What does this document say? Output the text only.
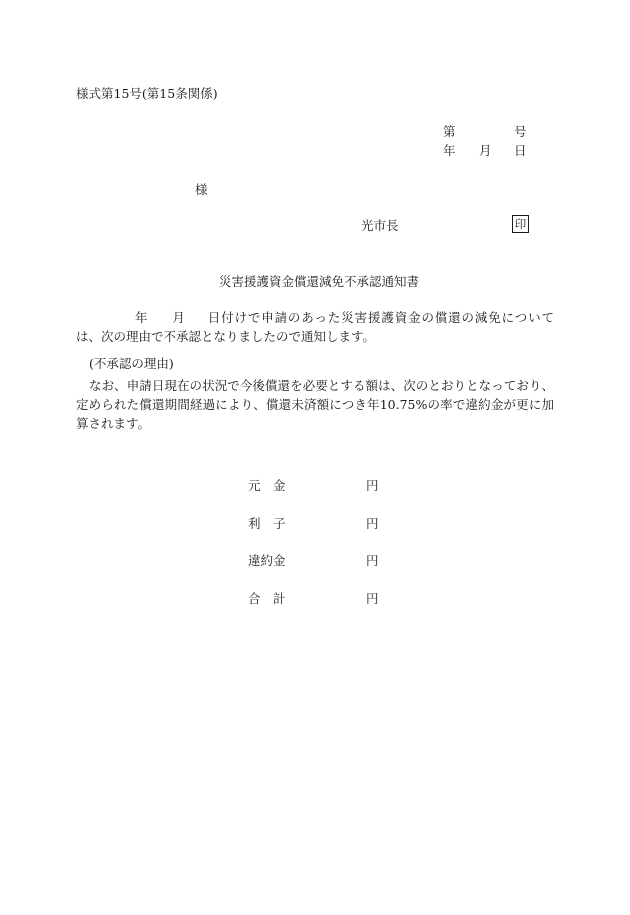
様式第15号(第15条関係)
第	号
年 月 日
様
光市長	印
災害援護資金償還減免不承認通知書
年 月 日付けで申請のあった災害援護資金の償還の減免については、次の理由で不承認となりましたので通知します。
(不承認の理由)
なお、申請日現在の状況で今後償還を必要とする額は、次のとおりとなっており、定められた償還期間経過により、償還未済額につき年10.75%の率で違約金が更に加算されます。
元　金	円
利　子	円
違約金	円
合　計	円
